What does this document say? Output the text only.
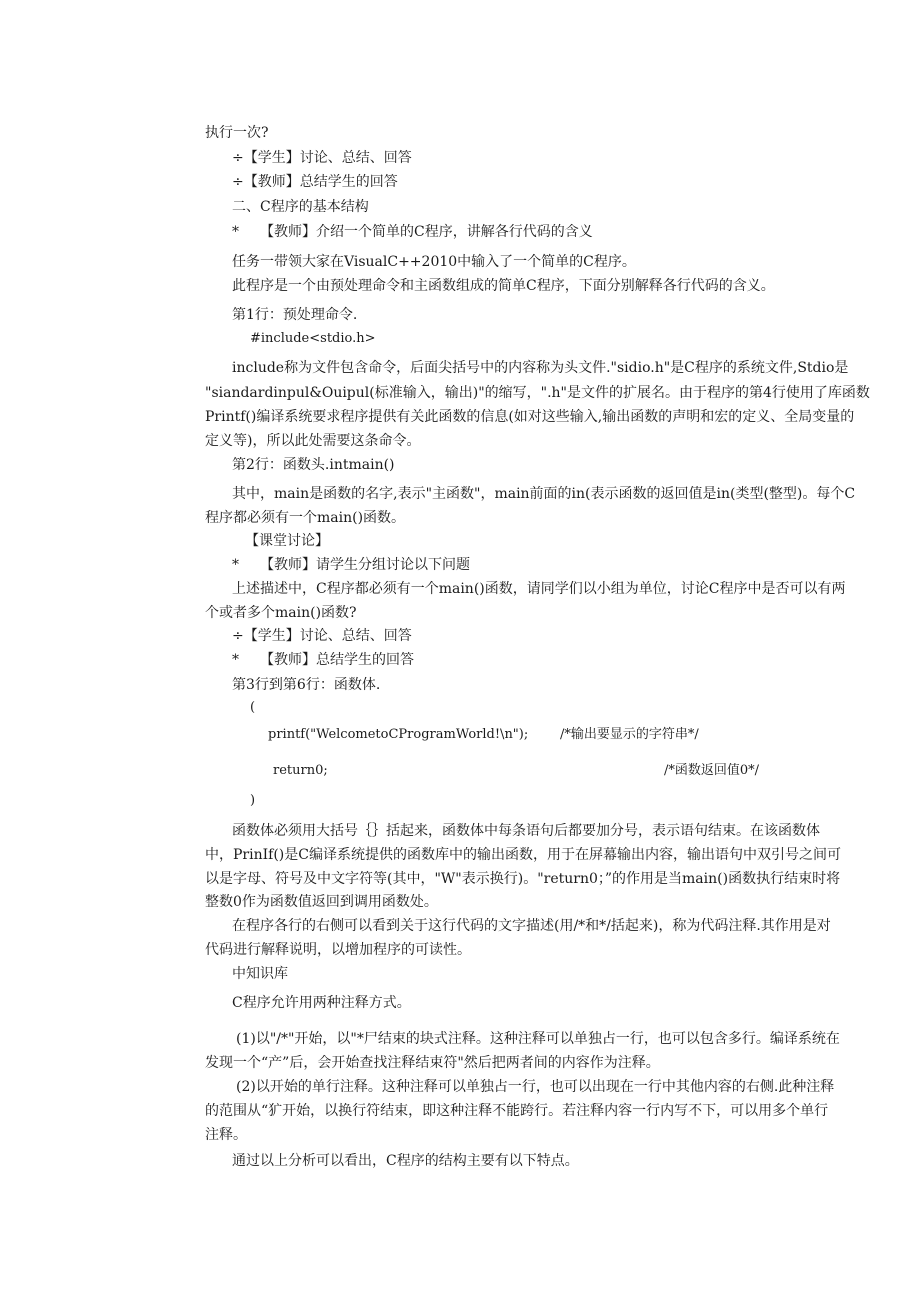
执行一次?
÷【学生】讨论、总结、回答
÷【教师】总结学生的回答
二、C程序的基本结构
*　　【教师】介绍一个简单的C程序，讲解各行代码的含义
任务一带领大家在VisualC++2010中输入了一个简单的C程序。
此程序是一个由预处理命令和主函数组成的简单C程序，下面分别解释各行代码的含义。
第1行：预处理命令.
#include<stdio.h>
include称为文件包含命令，后面尖括号中的内容称为头文件."sidio.h"是C程序的系统文件,Stdio是
"siandardinpul&Ouipul(标准输入，输出)"的缩写，".h"是文件的扩展名。由于程序的第4行使用了库函数
Printf()编译系统要求程序提供有关此函数的信息(如对这些输入,输出函数的声明和宏的定义、全局变量的
定义等)，所以此处需要这条命令。
第2行：函数头.intmain()
其中，main是函数的名字,表示"主函数"，main前面的in(表示函数的返回值是in(类型(整型)。每个C
程序都必须有一个main()函数。
【课堂讨论】
*　　【教师】请学生分组讨论以下问题
上述描述中，C程序都必须有一个main()函数，请同学们以小组为单位，讨论C程序中是否可以有两
个或者多个main()函数?
÷【学生】讨论、总结、回答
*　　【教师】总结学生的回答
第3行到第6行：函数体.
(
printf("WelcometoCProgramWorld!\n"); /*输出要显示的字符串*/
return0;	/*函数返回值0*/
)
函数体必须用大括号｛｝括起来，函数体中每条语句后都要加分号，表示语句结束。在该函数体
中，PrinIf()是C编译系统提供的函数库中的输出函数，用于在屏幕输出内容，输出语句中双引号之间可
以是字母、符号及中文字符等(其中，"W"表示换行)。"return0；”的作用是当main()函数执行结束时将
整数0作为函数值返回到调用函数处。
在程序各行的右侧可以看到关于这行代码的文字描述(用/*和*/括起来)，称为代码注释.其作用是对
代码进行解释说明，以增加程序的可读性。
中知识库
C程序允许用两种注释方式。
(1)以"/*"开始，以"*尸结束的块式注释。这种注释可以单独占一行，也可以包含多行。编译系统在
发现一个“产”后，会开始查找注释结束符"然后把两者间的内容作为注释。
(2)以开始的单行注释。这种注释可以单独占一行，也可以出现在一行中其他内容的右侧.此种注释
的范围从“犷开始，以换行符结束，即这种注释不能跨行。若注释内容一行内写不下，可以用多个单行
注释。
通过以上分析可以看出，C程序的结构主要有以下特点。
